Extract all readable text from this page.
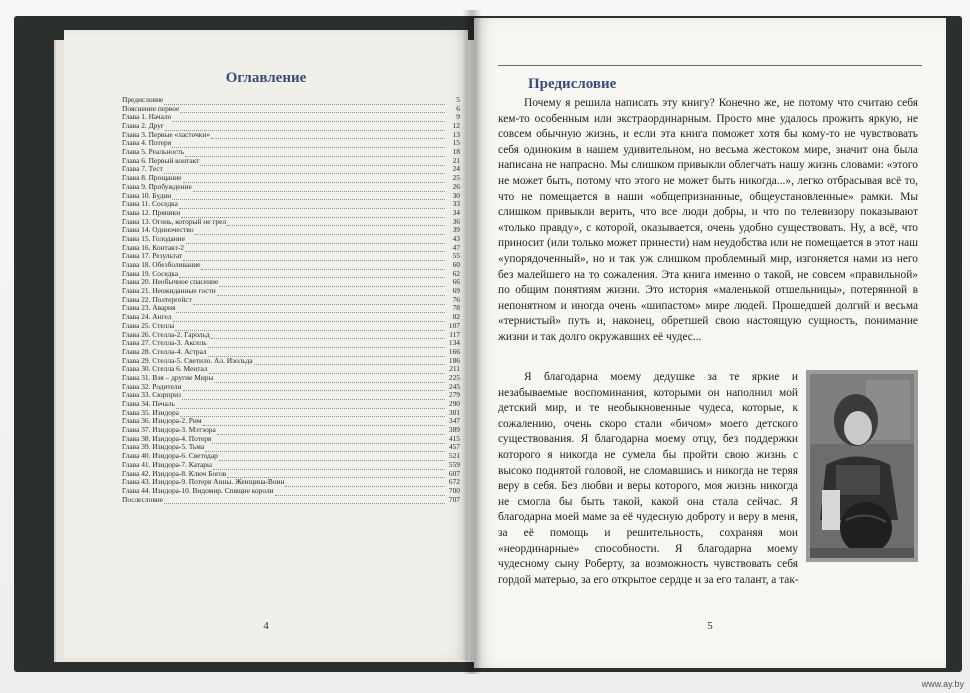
Оглавление
Предисловие	5
Пояснение первое	6
Глава 1. Начало	9
Глава 2. Друг	12
Глава 3. Первые «ласточки»	13
Глава 4. Потеря	15
Глава 5. Реальность	18
Глава 6. Первый контакт	21
Глава 7. Тест	24
Глава 8. Прощание	25
Глава 9. Пробуждение	26
Глава 10. Будни	30
Глава 11. Соседка	33
Глава 12. Пряники	34
Глава 13. Огонь, который не грел	36
Глава 14. Одиночество	39
Глава 15. Голодание	43
Глава 16. Контакт-2	47
Глава 17. Результат	55
Глава 18. Обезболивание	60
Глава 19. Соседка	62
Глава 20. Необычное спасение	66
Глава 21. Неожиданные гости	69
Глава 22. Полтергейст	76
Глава 23. Авария	78
Глава 24. Ангел	82
Глава 25. Стелла	107
Глава 26. Стелла-2. Гарольд	117
Глава 27. Стелла-3. Аксель	134
Глава 28. Стелла-4. Астрал	166
Глава 29. Стелла-5. Светило. Ал. Изольда	186
Глава 30. Стелла 6. Ментал	211
Глава 31. Вэя – другие Миры	225
Глава 32. Родители	245
Глава 33. Сюрприз	279
Глава 34. Печаль	290
Глава 35. Изидора	301
Глава 36. Изидора-2. Рим	347
Глава 37. Изидора-3. Мэтэора	389
Глава 38. Изидора-4. Потеря	415
Глава 39. Изидора-5. Тьма	457
Глава 40. Изидора-6. Светодар	521
Глава 41. Изидора-7. Катары	559
Глава 42. Изидора-8. Ключ Богов	607
Глава 43. Изидора-9. Потеря Анны. Женщина-Воин	672
Глава 44. Изидора-10. Видомир. Спящие короли	700
Послесловие	707
4
Предисловие
Почему я решила написать эту книгу? Конечно же, не потому что считаю себя кем-то особенным или экстраординарным. Просто мне удалось прожить яркую, не совсем обычную жизнь, и если эта книга поможет хотя бы кому-то не чувствовать себя одиноким в нашем удивительном, но весьма жестоком мире, значит она была написана не напрасно. Мы слишком привыкли облегчать нашу жизнь словами: «этого не может быть, потому что этого не может быть никогда...», легко отбрасывая всё то, что не помещается в наши «общепризнанные, общеустановленные» рамки. Мы слишком привыкли верить, что все люди добры, и что по телевизору показывают «только правду», с которой, оказывается, очень удобно существовать. Ну, а всё, что приносит (или только может принести) нам неудобства или не помещается в этот наш «упорядоченный», но и так уж слишком проблемный мир, изгоняется нами из него без малейшего на то сожаления. Эта книга именно о такой, не совсем «правильной» по общим понятиям жизни. Это история «маленькой отшельницы», потерянной в непонятном и иногда очень «шипастом» мире людей. Прошедшей долгий и весьма «тернистый» путь и, наконец, обретшей свою настоящую сущность, понимание жизни и так долго окружавших её чудес...

Я благодарна моему дедушке за те яркие и незабываемые воспоминания, которыми он наполнил мой детский мир, и те необыкновенные чудеса, которые, к сожалению, очень скоро стали «бичом» моего детского существования. Я благодарна моему отцу, без поддержки которого я никогда не сумела бы пройти свою жизнь с высоко поднятой головой, не сломавшись и никогда не теряя веру в себя. Без любви и веры которого, моя жизнь никогда не смогла бы быть такой, какой она стала сейчас. Я благодарна моей маме за её чудесную доброту и веру в меня, за её помощь и решительность, сохраняя мои «неординарные» способности. Я благодарна моему чудесному сыну Роберту, за возможность чувствовать себя гордой матерью, за его открытое сердце и за его талант, а так-

5
www.ay.by
